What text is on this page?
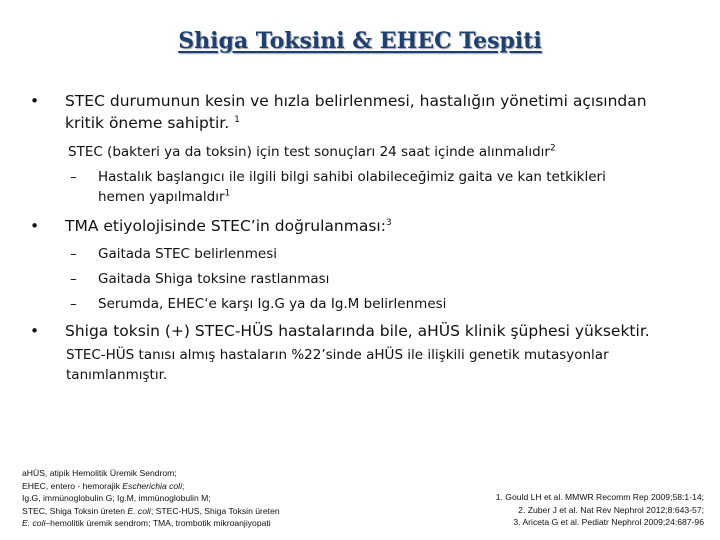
Shiga Toksini & EHEC Tespiti
•	STEC durumunun kesin ve hızla belirlenmesi, hastalığın yönetimi açısından
kritik öneme sahiptir. $^1$
STEC (bakteri ya da toksin) için test sonuçları 24 saat içinde alınmalıdır$^2$
–	Hastalık başlangıcı ile ilgili bilgi sahibi olabileceğimiz gaita ve kan tetkikleri
hemen yapılmaldır$^1$
•	TMA etiyolojisinde STEC’in doğrulanması:$^3$
–	Gaitada STEC belirlenmesi
–	Gaitada Shiga toksine rastlanması
–	Serumda, EHEC‘e karşı Ig.G ya da Ig.M belirlenmesi
•	Shiga toksin (+) STEC-HÜS hastalarında bile, aHÜS klinik şüphesi yüksektir.
STEC-HÜS tanısı almış hastaların %22’sinde aHÜS ile ilişkili genetik mutasyonlar
tanımlanmıştır.
aHÜS, atipik Hemolitik Üremik Sendrom;
EHEC, entero - hemorajik Escherichia coli;
Ig.G, immünoglobulin G; Ig.M, immünoglobulin M;
STEC, Shiga Toksin üreten E. coli; STEC-HUS, Shiga Toksin üreten
E. coli–hemolitik üremik sendrom; TMA, trombotik mikroanjiyopati
1. Gould LH et al. MMWR Recomm Rep 2009;58:1-14;
2. Zuber J et al. Nat Rev Nephrol 2012;8:643-57;
3. Ariceta G et al. Pediatr Nephrol 2009;24:687-96
